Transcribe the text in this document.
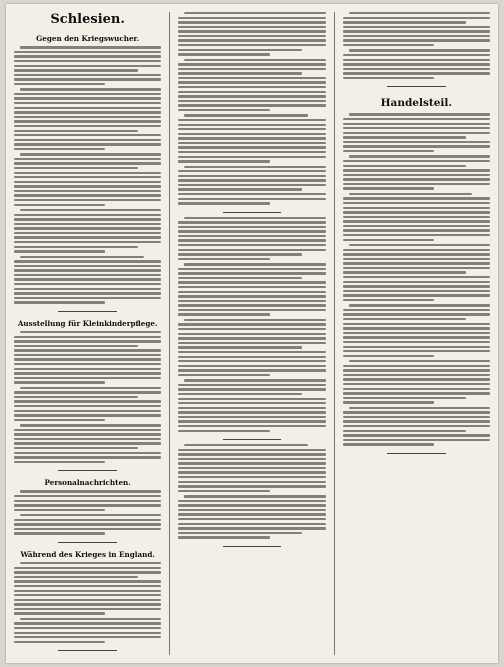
Schlesien.
Gegen den Kriegswucher.
Ausstellung für Kleinkinderpflege.
Personalnachrichten.
Während des Krieges in England.
Handelsteil.
